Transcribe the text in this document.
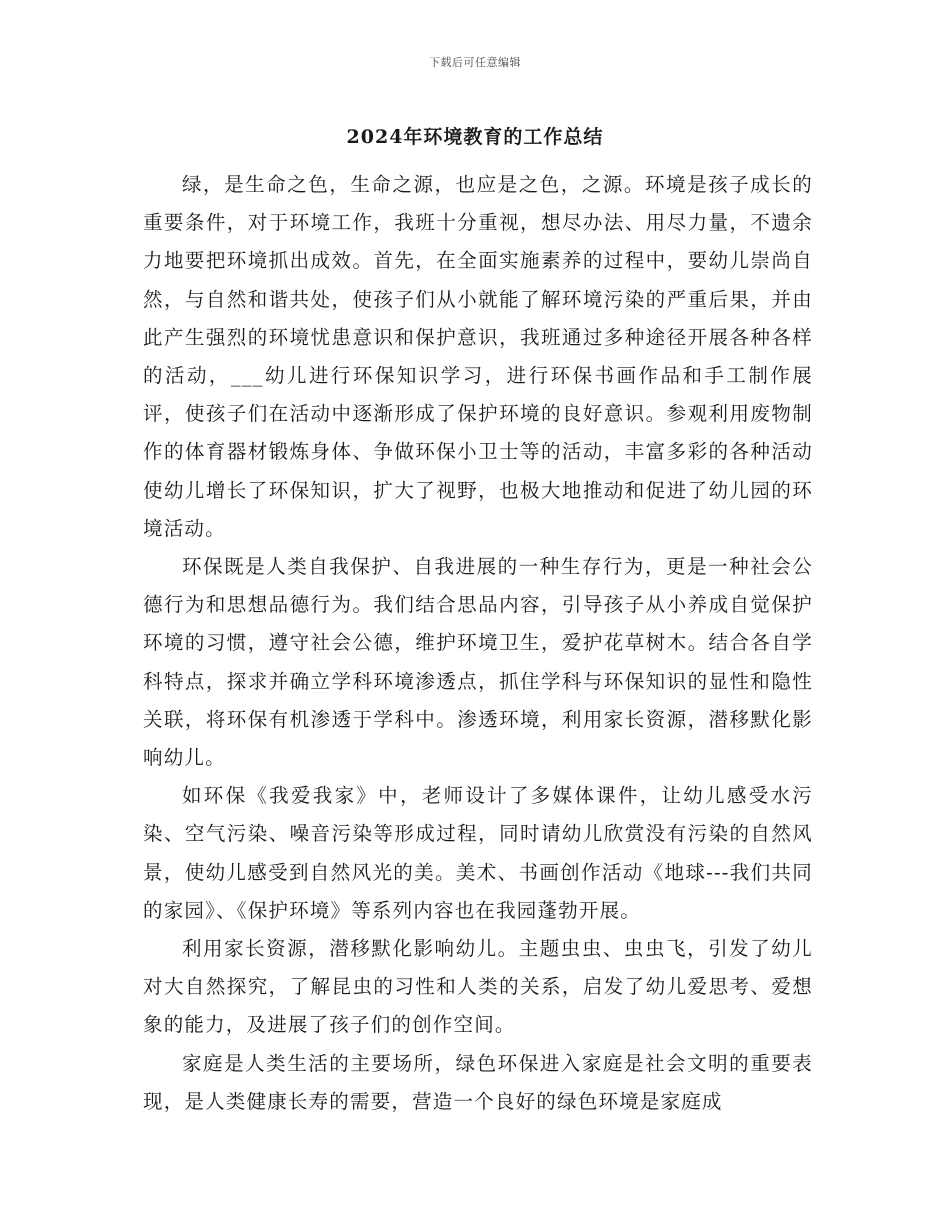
下载后可任意编辑
2024年环境教育的工作总结

绿，是生命之色，生命之源，也应是之色，之源。环境是孩子成长的重要条件，对于环境工作，我班十分重视，想尽办法、用尽力量，不遗余力地要把环境抓出成效。首先，在全面实施素养的过程中，要幼儿崇尚自然，与自然和谐共处，使孩子们从小就能了解环境污染的严重后果，并由此产生强烈的环境忧患意识和保护意识，我班通过多种途径开展各种各样的活动，___幼儿进行环保知识学习，进行环保书画作品和手工制作展评，使孩子们在活动中逐渐形成了保护环境的良好意识。参观利用废物制作的体育器材锻炼身体、争做环保小卫士等的活动，丰富多彩的各种活动使幼儿增长了环保知识，扩大了视野，也极大地推动和促进了幼儿园的环境活动。

环保既是人类自我保护、自我进展的一种生存行为，更是一种社会公德行为和思想品德行为。我们结合思品内容，引导孩子从小养成自觉保护环境的习惯，遵守社会公德，维护环境卫生，爱护花草树木。结合各自学科特点，探求并确立学科环境渗透点，抓住学科与环保知识的显性和隐性关联，将环保有机渗透于学科中。渗透环境，利用家长资源，潜移默化影响幼儿。

如环保《我爱我家》中，老师设计了多媒体课件，让幼儿感受水污染、空气污染、噪音污染等形成过程，同时请幼儿欣赏没有污染的自然风景，使幼儿感受到自然风光的美。美术、书画创作活动《地球---我们共同的家园》、《保护环境》等系列内容也在我园蓬勃开展。

利用家长资源，潜移默化影响幼儿。主题虫虫、虫虫飞，引发了幼儿对大自然探究，了解昆虫的习性和人类的关系，启发了幼儿爱思考、爱想象的能力，及进展了孩子们的创作空间。

家庭是人类生活的主要场所，绿色环保进入家庭是社会文明的重要表现，是人类健康长寿的需要，营造一个良好的绿色环境是家庭成
